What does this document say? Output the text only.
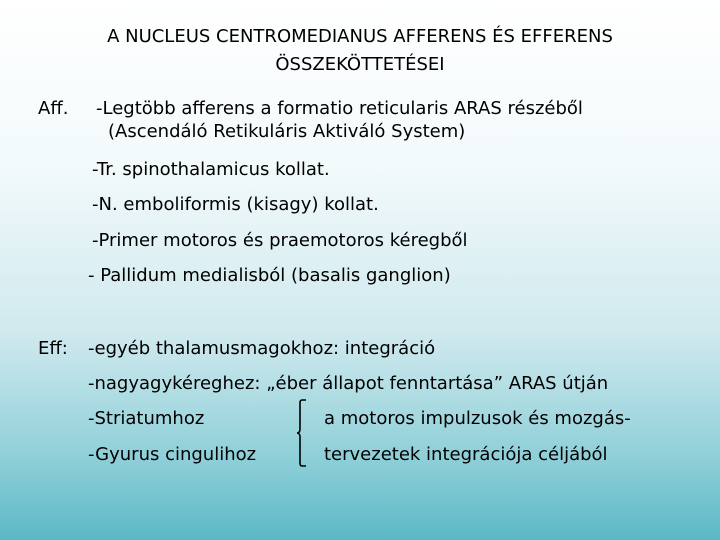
A NUCLEUS CENTROMEDIANUS AFFERENS ÉS EFFERENS
ÖSSZEKÖTTETÉSEI
Aff. -Legtöbb afferens a formatio reticularis ARAS részéből
(Ascendáló Retikuláris Aktiváló System)
-Tr. spinothalamicus kollat.
-N. emboliformis (kisagy) kollat.
-Primer motoros és praemotoros kéregből
- Pallidum medialisból (basalis ganglion)
Eff: -egyéb thalamusmagokhoz: integráció
-nagyagykéreghez: „éber állapot fenntartása” ARAS útján
-Striatumhoz
-Gyurus cingulihoz
a motoros impulzusok és mozgás-
tervezetek integrációja céljából
